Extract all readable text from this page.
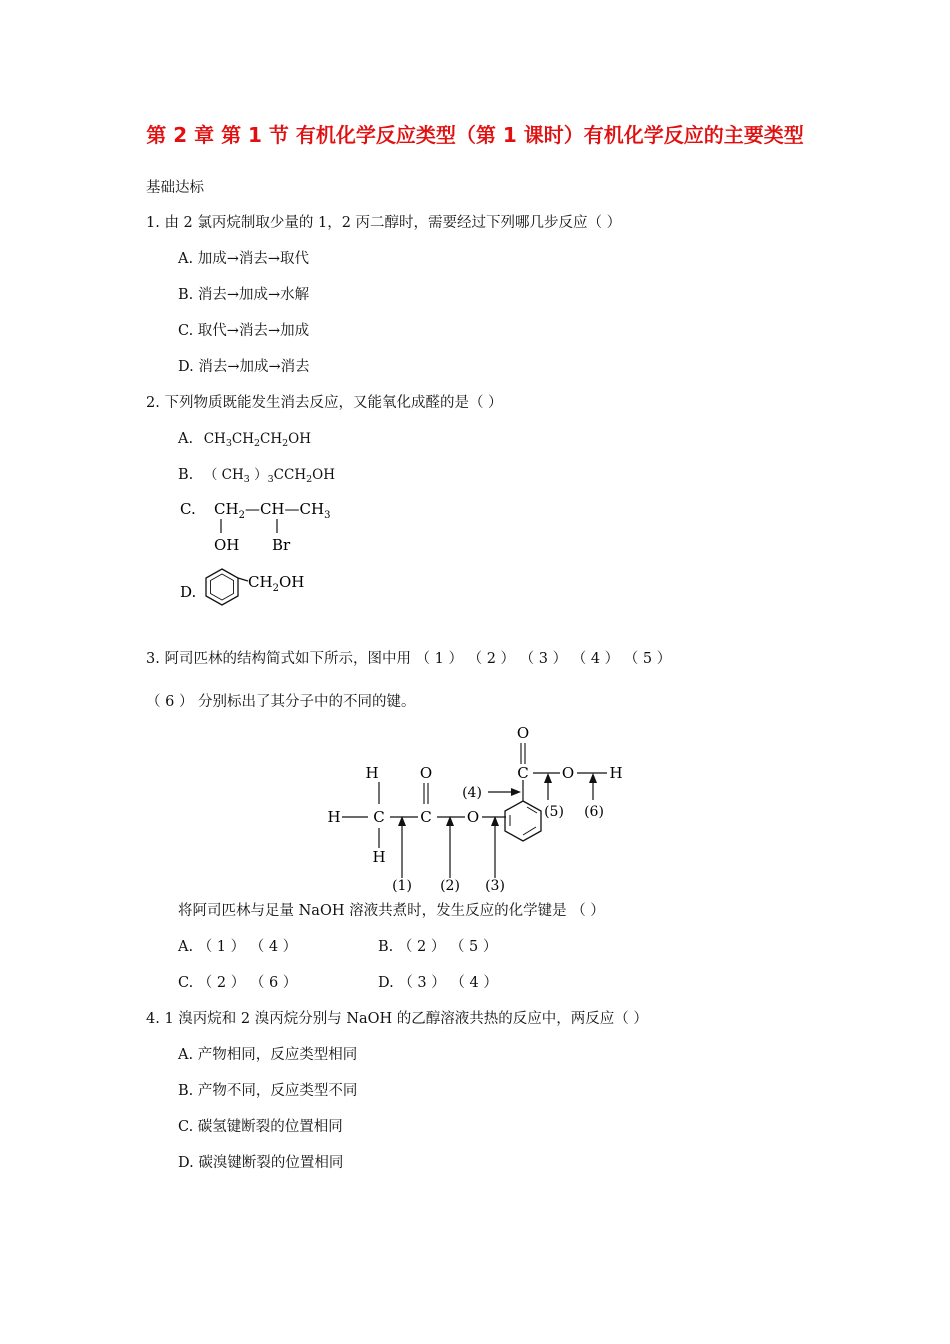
第 2 章 第 1 节 有机化学反应类型（第 1 课时）有机化学反应的主要类型
基础达标
1. 由 2 氯丙烷制取少量的 1，2 丙二醇时，需要经过下列哪几步反应（ ）
A. 加成→消去→取代
B. 消去→加成→水解
C. 取代→消去→加成
D. 消去→加成→消去
2. 下列物质既能发生消去反应，又能氧化成醛的是（ ）
A. $CH_3CH_2CH_2OH$
B. （ $CH_3$ ）$_3CCH_2OH$
C. $CH_2—CH—CH_3$
OH Br
D.
$CH_2OH$
3. 阿司匹林的结构简式如下所示，图中用 （ 1 ） （ 2 ） （ 3 ） （ 4 ） （ 5 ）
（ 6 ） 分别标出了其分子中的不同的键。
H
H C
H
O
C O
C
O
O H
(1) (2) (3)
(4)
(5) (6)
将阿司匹林与足量 NaOH 溶液共煮时，发生反应的化学键是 （ ）
A. （ 1 ） （ 4 ）	B. （ 2 ） （ 5 ）
C. （ 2 ） （ 6 ）	D. （ 3 ） （ 4 ）
4. 1 溴丙烷和 2 溴丙烷分别与 NaOH 的乙醇溶液共热的反应中，两反应（ ）
A. 产物相同，反应类型相同
B. 产物不同，反应类型不同
C. 碳氢键断裂的位置相同
D. 碳溴键断裂的位置相同
